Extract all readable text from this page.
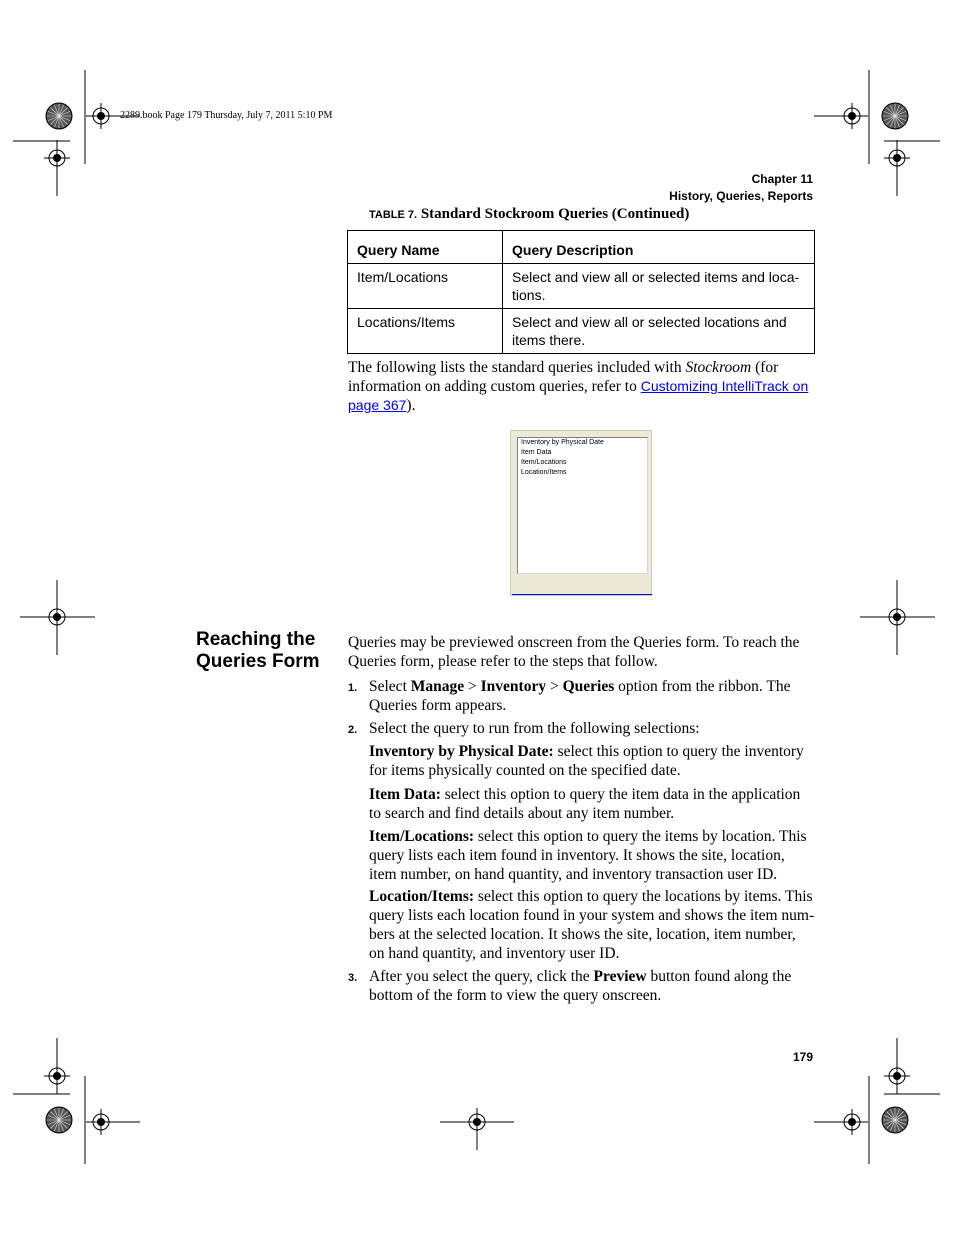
2289.book Page 179 Thursday, July 7, 2011 5:10 PM
Chapter 11
History, Queries, Reports
TABLE 7. Standard Stockroom Queries (Continued)
Query Name	Query Description
Item/Locations	Select and view all or selected items and loca-tions.
Locations/Items	Select and view all or selected locations and items there.
The following lists the standard queries included with Stockroom (for information on adding custom queries, refer to Customizing IntelliTrack on page 367).
Inventory by Physical Date
Item Data
Item/Locations
Location/Items
Reaching the
Queries Form
Queries may be previewed onscreen from the Queries form. To reach the Queries form, please refer to the steps that follow.
1. Select Manage > Inventory > Queries option from the ribbon. The Queries form appears.
2. Select the query to run from the following selections:
Inventory by Physical Date: select this option to query the inventory for items physically counted on the specified date.
Item Data: select this option to query the item data in the application to search and find details about any item number.
Item/Locations: select this option to query the items by location. This query lists each item found in inventory. It shows the site, location, item number, on hand quantity, and inventory transaction user ID.
Location/Items: select this option to query the locations by items. This query lists each location found in your system and shows the item num-bers at the selected location. It shows the site, location, item number, on hand quantity, and inventory user ID.
3. After you select the query, click the Preview button found along the bottom of the form to view the query onscreen.
179
